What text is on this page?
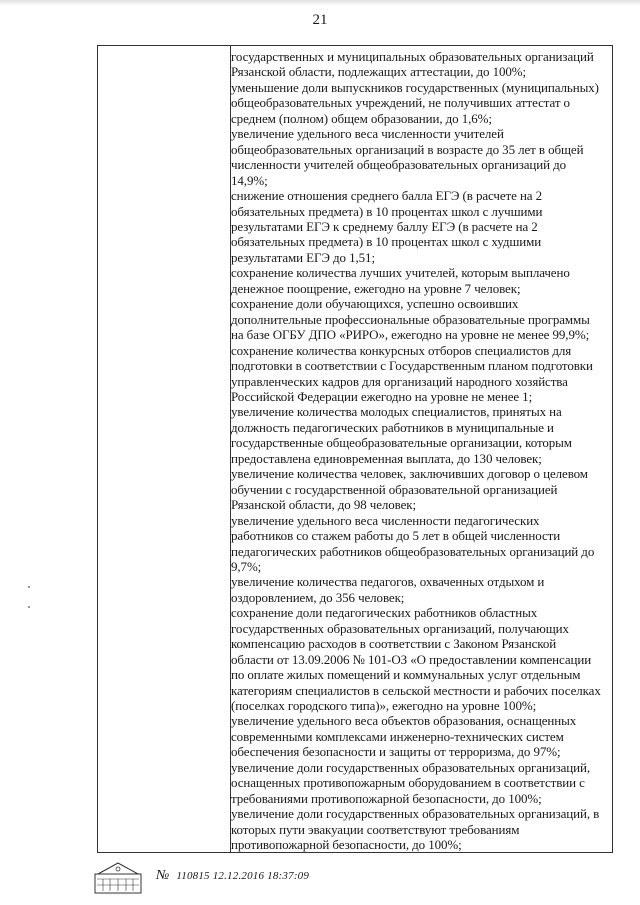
21

государственных и муниципальных образовательных организаций
Рязанской области, подлежащих аттестации, до 100%;
уменьшение доли выпускников государственных (муниципальных)
общеобразовательных учреждений, не получивших аттестат о
среднем (полном) общем образовании, до 1,6%;
увеличение удельного веса численности учителей
общеобразовательных организаций в возрасте до 35 лет в общей
численности учителей общеобразовательных организаций до
14,9%;
снижение отношения среднего балла ЕГЭ (в расчете на 2
обязательных предмета) в 10 процентах школ с лучшими
результатами ЕГЭ к среднему баллу ЕГЭ (в расчете на 2
обязательных предмета) в 10 процентах школ с худшими
результатами ЕГЭ до 1,51;
сохранение количества лучших учителей, которым выплачено
денежное поощрение, ежегодно на уровне 7 человек;
сохранение доли обучающихся, успешно освоивших
дополнительные профессиональные образовательные программы
на базе ОГБУ ДПО «РИРО», ежегодно на уровне не менее 99,9%;
сохранение количества конкурсных отборов специалистов для
подготовки в соответствии с Государственным планом подготовки
управленческих кадров для организаций народного хозяйства
Российской Федерации ежегодно на уровне не менее 1;
увеличение количества молодых специалистов, принятых на
должность педагогических работников в муниципальные и
государственные общеобразовательные организации, которым
предоставлена единовременная выплата, до 130 человек;
увеличение количества человек, заключивших договор о целевом
обучении с государственной образовательной организацией
Рязанской области, до 98 человек;
увеличение удельного веса численности педагогических
работников со стажем работы до 5 лет в общей численности
педагогических работников общеобразовательных организаций до
9,7%;
увеличение количества педагогов, охваченных отдыхом и
оздоровлением, до 356 человек;
сохранение доли педагогических работников областных
государственных образовательных организаций, получающих
компенсацию расходов в соответствии с Законом Рязанской
области от 13.09.2006 № 101-ОЗ «О предоставлении компенсации
по оплате жилых помещений и коммунальных услуг отдельным
категориям специалистов в сельской местности и рабочих поселках
(поселках городского типа)», ежегодно на уровне 100%;
увеличение удельного веса объектов образования, оснащенных
современными комплексами инженерно-технических систем
обеспечения безопасности и защиты от терроризма, до 97%;
увеличение доли государственных образовательных организаций,
оснащенных противопожарным оборудованием в соответствии с
требованиями противопожарной безопасности, до 100%;
увеличение доли государственных образовательных организаций, в
которых пути эвакуации соответствуют требованиям
противопожарной безопасности, до 100%;

№ 110815 12.12.2016 18:37:09
